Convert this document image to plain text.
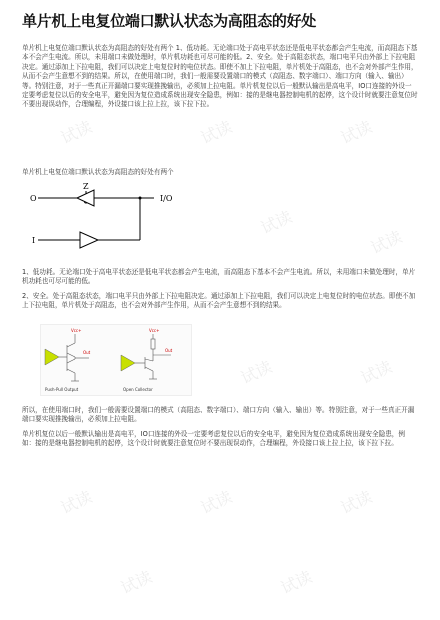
单片机上电复位端口默认状态为高阻态的好处
单片机上电复位端口默认状态为高阻态的好处有两个 1、低功耗。无论端口处于高电平状态还是低电平状态都会产生电流，而高阻态下基本不会产生电流。所以，未用端口未做处理时，单片机功耗也可尽可能的低。2、安全。处于高阻态状态，端口电平只由外部上下拉电阻决定。通过添加上下拉电阻，我们可以决定上电复位时的电位状态。即使不加上下拉电阻，单片机处于高阻态，也不会对外部产生作用，从而不会产生意想不到的结果。所以，在使用端口时，我们一般需要设置端口的模式（高阻态、数字端口）、端口方向（输入、输出）等。特别注意，对于一些真正开漏端口要实现推挽输出，必须加上拉电阻。单片机复位以后一般默认输出是高电平，IO口连接的外设一定要考虑复位以后的安全电平，避免因为复位造成系统出现安全隐患，例如：接的是继电器控制电机的起停，这个设计时就要注意复位时不要出现误动作，合理编程，外设接口该上拉上拉，该下拉下拉。
单片机上电复位端口默认状态为高阻态的好处有两个
Z
O	I/O
I
1、低功耗。无论端口处于高电平状态还是低电平状态都会产生电流，而高阻态下基本不会产生电流。所以，未用端口未做处理时，单片机功耗也可尽可能的低。
2、安全。处于高阻态状态，端口电平只由外部上下拉电阻决定。通过添加上下拉电阻，我们可以决定上电复位时的电位状态。即使不加上下拉电阻，单片机处于高阻态，也不会对外部产生作用，从而不会产生意想不到的结果。
Vcc+
Out
Push-Pull Output
Vcc+
Out
Open Collector
所以，在使用端口时，我们一般需要设置端口的模式（高阻态、数字端口）、端口方向（输入、输出）等。特别注意，对于一些真正开漏端口要实现推挽输出，必须加上拉电阻。
单片机复位以后一般默认输出是高电平，IO口连接的外设一定要考虑复位以后的安全电平，避免因为复位造成系统出现安全隐患，例如：接的是继电器控制电机的起停，这个设计时就要注意复位时不要出现误动作，合理编程，外设接口该上拉上拉，该下拉下拉。
试读	试读	试读
试读
试读
试读	试读
试读	试读	试读
试读	试读
